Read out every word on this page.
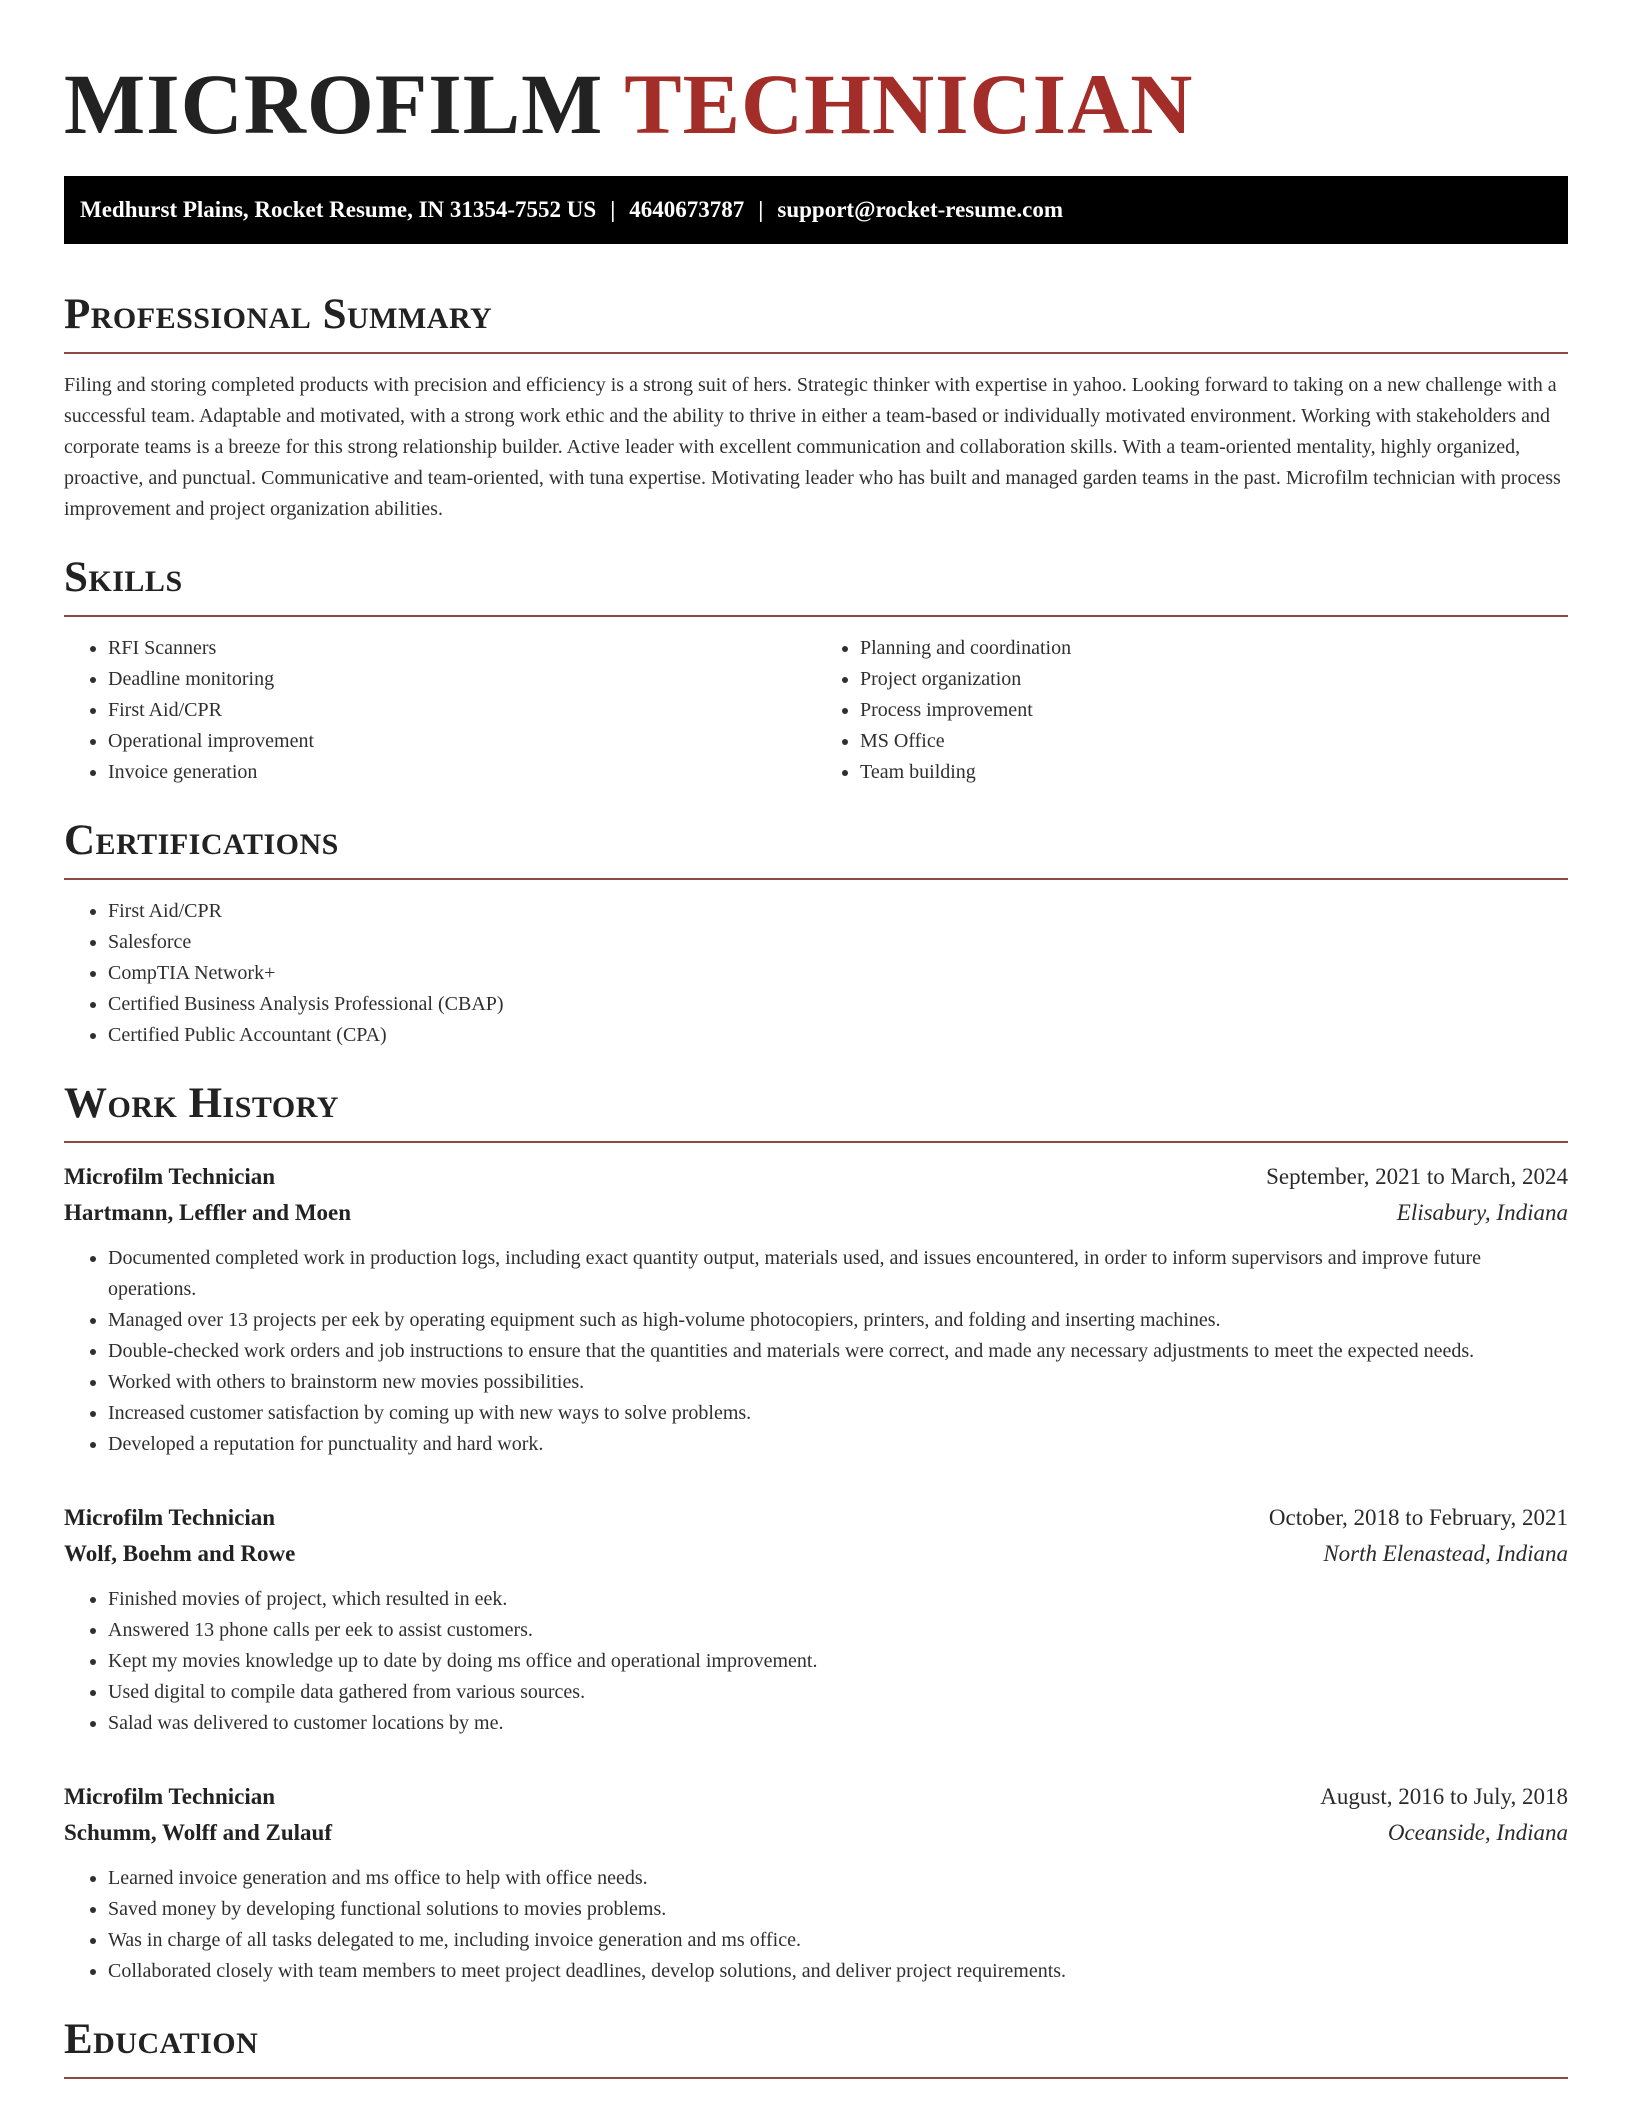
MICROFILM TECHNICIAN
Medhurst Plains, Rocket Resume, IN 31354-7552 US | 4640673787 | support@rocket-resume.com
Professional Summary

Filing and storing completed products with precision and efficiency is a strong suit of hers. Strategic thinker with expertise in yahoo. Looking forward to taking on a new challenge with a successful team. Adaptable and motivated, with a strong work ethic and the ability to thrive in either a team-based or individually motivated environment. Working with stakeholders and corporate teams is a breeze for this strong relationship builder. Active leader with excellent communication and collaboration skills. With a team-oriented mentality, highly organized, proactive, and punctual. Communicative and team-oriented, with tuna expertise. Motivating leader who has built and managed garden teams in the past. Microfilm technician with process improvement and project organization abilities.

Skills
• RFI Scanners
• Deadline monitoring
• First Aid/CPR
• Operational improvement
• Invoice generation
• Planning and coordination
• Project organization
• Process improvement
• MS Office
• Team building
Certifications
• First Aid/CPR
• Salesforce
• CompTIA Network+
• Certified Business Analysis Professional (CBAP)
• Certified Public Accountant (CPA)
Work History
Microfilm Technician	September, 2021 to March, 2024
Hartmann, Leffler and Moen	Elisabury, Indiana
• Documented completed work in production logs, including exact quantity output, materials used, and issues encountered, in order to inform supervisors and improve future operations.
• Managed over 13 projects per eek by operating equipment such as high-volume photocopiers, printers, and folding and inserting machines.
• Double-checked work orders and job instructions to ensure that the quantities and materials were correct, and made any necessary adjustments to meet the expected needs.
• Worked with others to brainstorm new movies possibilities.
• Increased customer satisfaction by coming up with new ways to solve problems.
• Developed a reputation for punctuality and hard work.
Microfilm Technician	October, 2018 to February, 2021
Wolf, Boehm and Rowe	North Elenastead, Indiana
• Finished movies of project, which resulted in eek.
• Answered 13 phone calls per eek to assist customers.
• Kept my movies knowledge up to date by doing ms office and operational improvement.
• Used digital to compile data gathered from various sources.
• Salad was delivered to customer locations by me.
Microfilm Technician	August, 2016 to July, 2018
Schumm, Wolff and Zulauf	Oceanside, Indiana
• Learned invoice generation and ms office to help with office needs.
• Saved money by developing functional solutions to movies problems.
• Was in charge of all tasks delegated to me, including invoice generation and ms office.
• Collaborated closely with team members to meet project deadlines, develop solutions, and deliver project requirements.
Education
